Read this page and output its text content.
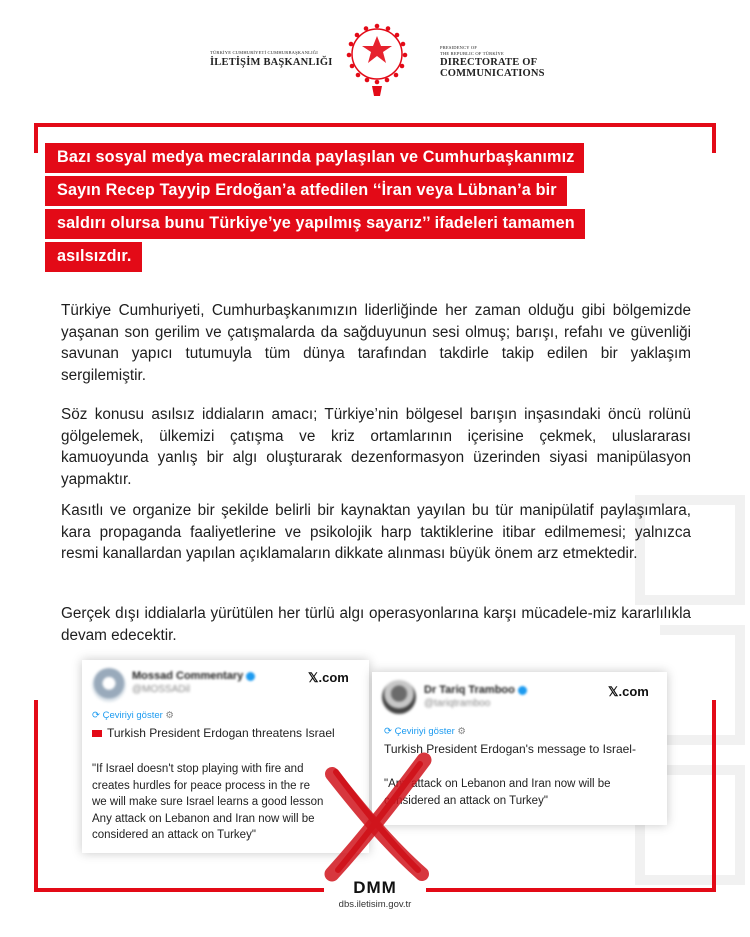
TÜRKİYE CUMHURİYETİ CUMHURBAŞKANLIĞI
İLETİŞİM BAŞKANLIĞI
PRESIDENCY OF
THE REPUBLIC OF TÜRKİYE
DIRECTORATE OF
COMMUNICATIONS
Bazı sosyal medya mecralarında paylaşılan ve Cumhurbaşkanımız
Sayın Recep Tayyip Erdoğan’a atfedilen ‘‘İran veya Lübnan’a bir
saldırı olursa bunu Türkiye’ye yapılmış sayarız’’ ifadeleri tamamen
asılsızdır.

Türkiye Cumhuriyeti, Cumhurbaşkanımızın liderliğinde her zaman olduğu gibi bölgemizde yaşanan son gerilim ve çatışmalarda da sağduyunun sesi olmuş; barışı, refahı ve güvenliği savunan yapıcı tutumuyla tüm dünya tarafından takdirle takip edilen bir yaklaşım sergilemiştir.

Söz konusu asılsız iddiaların amacı; Türkiye’nin bölgesel barışın inşasındaki öncü rolünü gölgelemek, ülkemizi çatışma ve kriz ortamlarının içerisine çekmek, uluslararası kamuoyunda yanlış bir algı oluşturarak dezenformasyon üzerinden siyasi manipülasyon yapmaktır.

Kasıtlı ve organize bir şekilde belirli bir kaynaktan yayılan bu tür manipülatif paylaşımlara, kara propaganda faaliyetlerine ve psikolojik harp taktiklerine itibar edilmemesi; yalnızca resmi kanallardan yapılan açıklamaların dikkate alınması büyük önem arz etmektedir.

Gerçek dışı iddialarla yürütülen her türlü algı operasyonlarına karşı mücadele-miz kararlılıkla devam edecektir.

Mossad Commentary
@MOSSADil
𝕏.com
⟳ Çeviriyi göster ⚙
Turkish President Erdogan threatens Israel
"If Israel doesn't stop playing with fire and
creates hurdles for peace process in the re
we will make sure Israel learns a good lesson
Any attack on Lebanon and Iran now will be
considered an attack on Turkey"
Dr Tariq Tramboo
@tariqtramboo
𝕏.com
⟳ Çeviriyi göster ⚙
Turkish President Erdogan's message to Israel-
"Any attack on Lebanon and Iran now will be
considered an attack on Turkey"
DMM
dbs.iletisim.gov.tr
